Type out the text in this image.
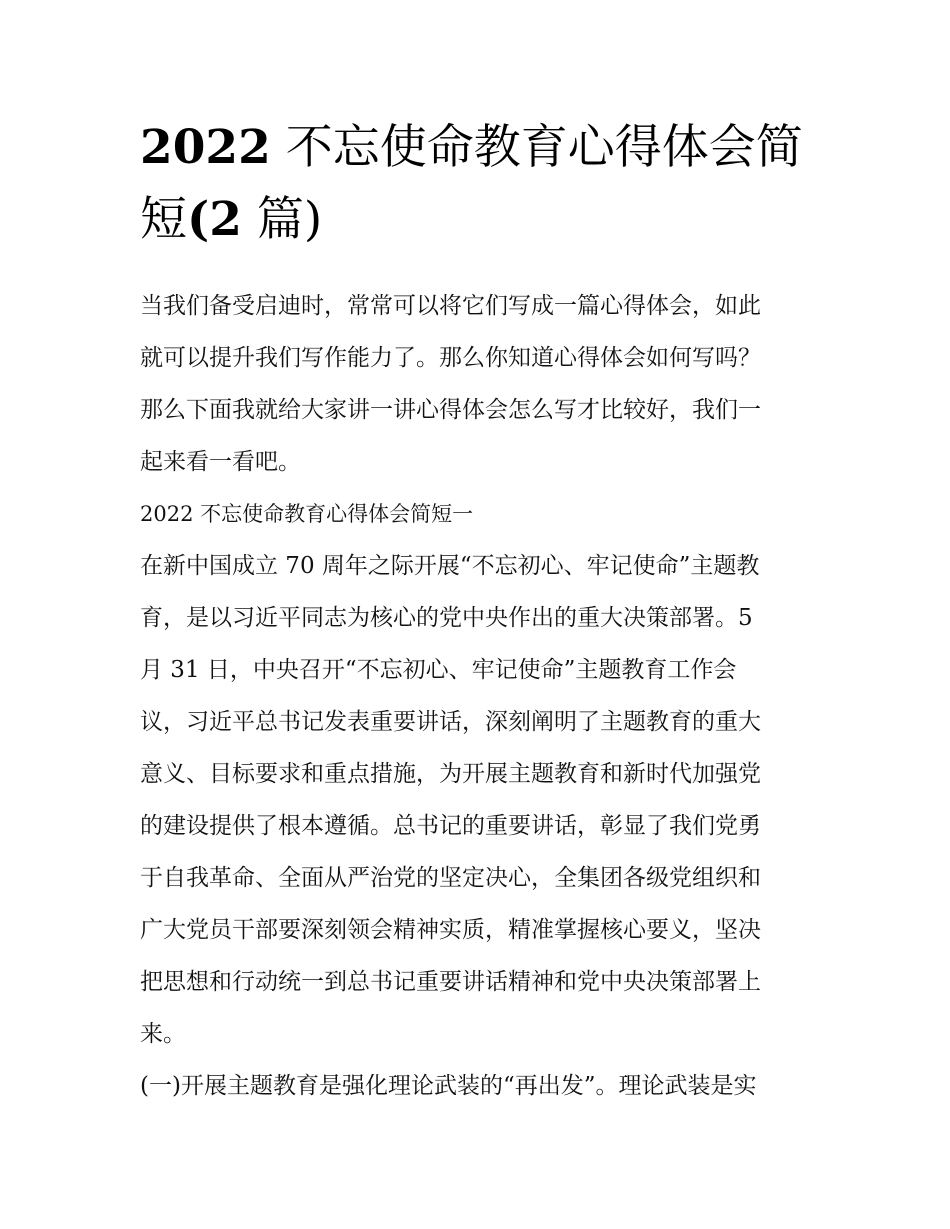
2022 不忘使命教育心得体会简
短(2 篇)
当我们备受启迪时，常常可以将它们写成一篇心得体会，如此
就可以提升我们写作能力了。那么你知道心得体会如何写吗？
那么下面我就给大家讲一讲心得体会怎么写才比较好，我们一
起来看一看吧。
2022 不忘使命教育心得体会简短一
在新中国成立 70 周年之际开展“不忘初心、牢记使命”主题教
育，是以习近平同志为核心的党中央作出的重大决策部署。5
月 31 日，中央召开“不忘初心、牢记使命”主题教育工作会
议，习近平总书记发表重要讲话，深刻阐明了主题教育的重大
意义、目标要求和重点措施，为开展主题教育和新时代加强党
的建设提供了根本遵循。总书记的重要讲话，彰显了我们党勇
于自我革命、全面从严治党的坚定决心，全集团各级党组织和
广大党员干部要深刻领会精神实质，精准掌握核心要义，坚决
把思想和行动统一到总书记重要讲话精神和党中央决策部署上
来。
(一)开展主题教育是强化理论武装的“再出发”。理论武装是实
